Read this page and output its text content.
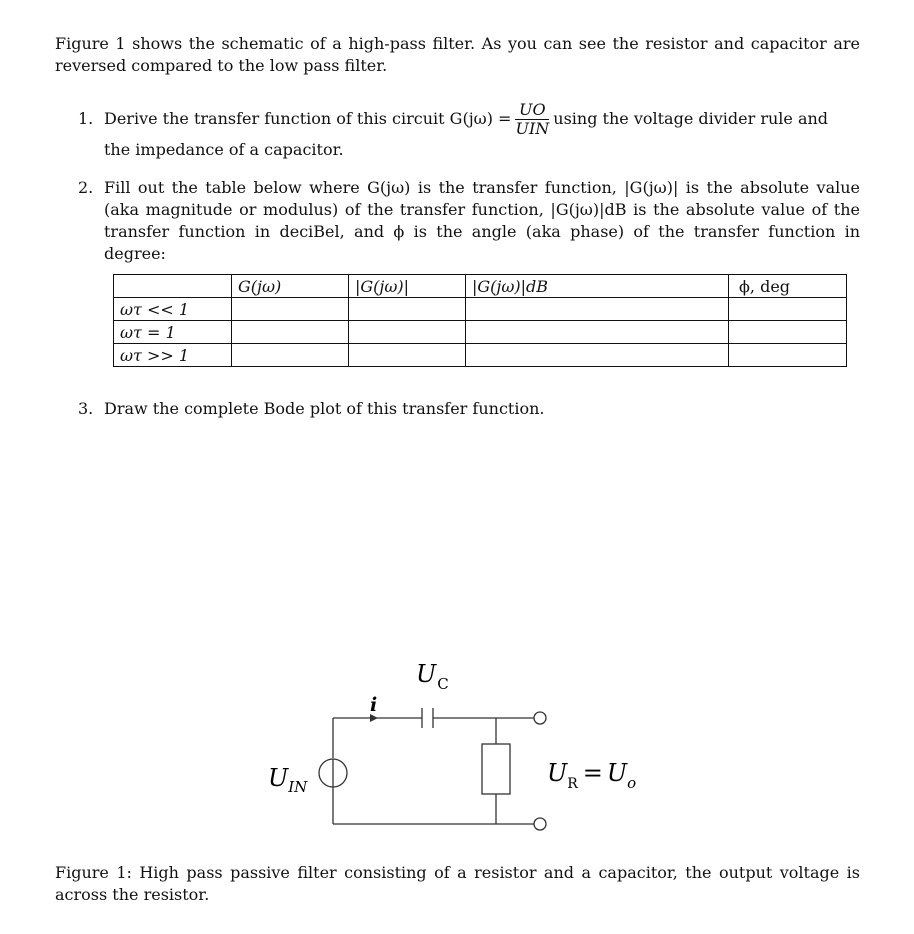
Figure 1 shows the schematic of a high-pass filter. As you can see the resistor and capacitor are reversed compared to the low pass filter.
1. Derive the transfer function of this circuit $G(j\omega) = \frac{UO}{\text{UIN}}$ using the voltage divider rule and
the impedance of a capacitor.
2. Fill out the table below where G(jω) is the transfer function, |G(jω)| is the absolute value (aka magnitude or modulus) of the transfer function, |G(jω)|dB is the absolute value of the transfer function in deciBel, and ϕ is the angle (aka phase) of the transfer function in degree:
	G(jω)	|G(jω)|	|G(jω)|dB	ϕ, deg
ωτ << 1				
ωτ = 1				
ωτ >> 1				
3. Draw the complete Bode plot of this transfer function.
$U_C$
i
$U_{IN}$	$U_R = U_o$
Figure 1: High pass passive filter consisting of a resistor and a capacitor, the output voltage is across the resistor.
